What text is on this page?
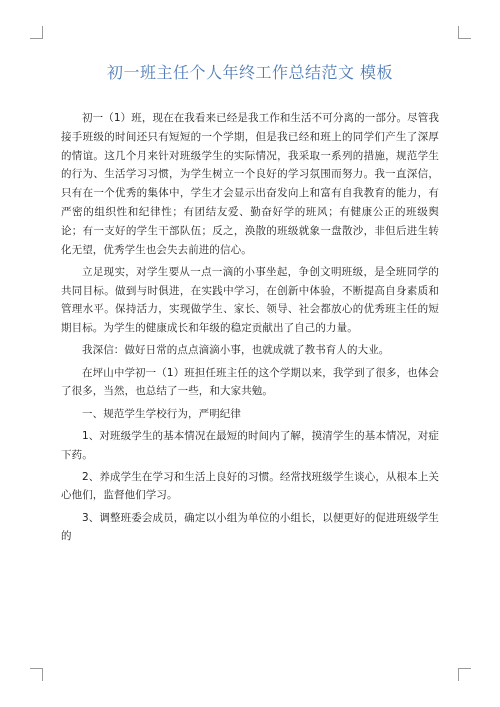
初一班主任个人年终工作总结范文 模板

初一（1）班，现在在我看来已经是我工作和生活不可分离的一部分。尽管我接手班级的时间还只有短短的一个学期，但是我已经和班上的同学们产生了深厚的情谊。这几个月来针对班级学生的实际情况，我采取一系列的措施，规范学生的行为、生活学习习惯，为学生树立一个良好的学习氛围而努力。我一直深信，只有在一个优秀的集体中，学生才会显示出奋发向上和富有自我教育的能力，有严密的组织性和纪律性；有团结友爱、勤奋好学的班风；有健康公正的班级舆论；有一支好的学生干部队伍；反之，涣散的班级就象一盘散沙，非但后进生转化无望，优秀学生也会失去前进的信心。

立足现实，对学生要从一点一滴的小事坐起，争创文明班级，是全班同学的共同目标。做到与时俱进，在实践中学习，在创新中体验，不断提高自身素质和管理水平。保持活力，实现做学生、家长、领导、社会都放心的优秀班主任的短期目标。为学生的健康成长和年级的稳定贡献出了自己的力量。

我深信：做好日常的点点滴滴小事，也就成就了教书育人的大业。

在坪山中学初一（1）班担任班主任的这个学期以来，我学到了很多，也体会了很多，当然，也总结了一些，和大家共勉。

一、规范学生学校行为，严明纪律

1、对班级学生的基本情况在最短的时间内了解，摸清学生的基本情况，对症下药。

2、养成学生在学习和生活上良好的习惯。经常找班级学生谈心，从根本上关心他们，监督他们学习。

3、调整班委会成员，确定以小组为单位的小组长，以便更好的促进班级学生的
